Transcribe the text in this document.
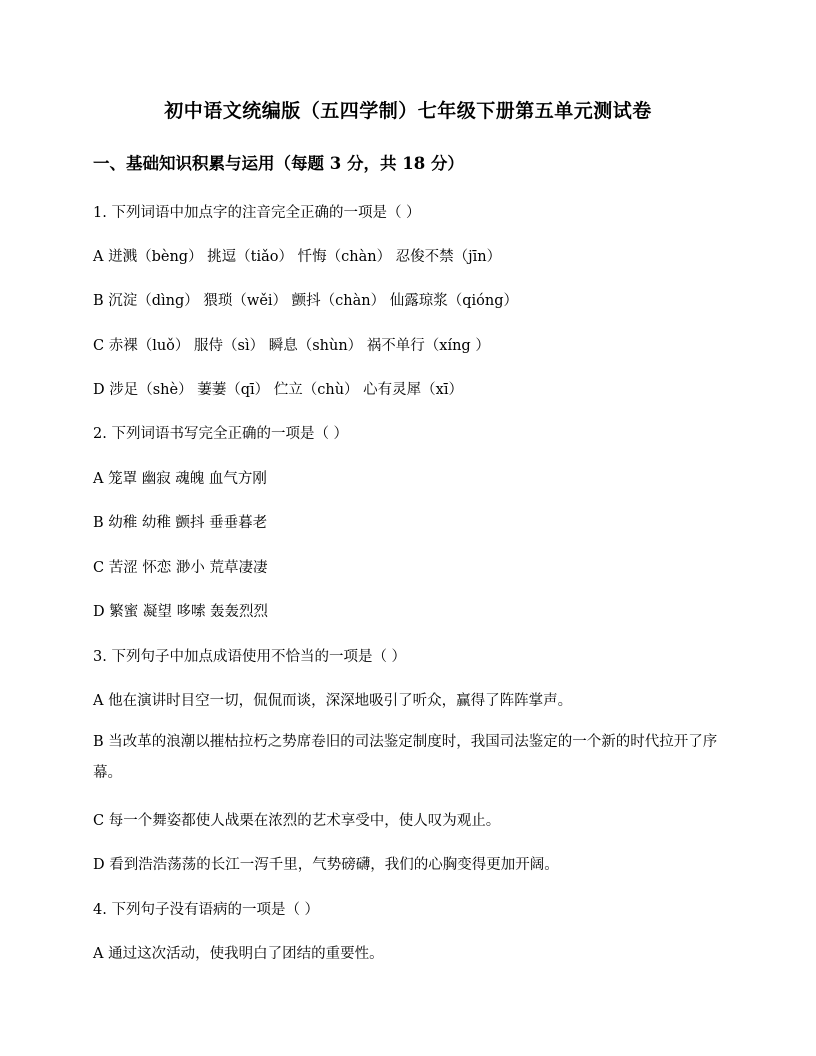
初中语文统编版（五四学制）七年级下册第五单元测试卷
一、基础知识积累与运用（每题 3 分，共 18 分）
1. 下列词语中加点字的注音完全正确的一项是（ ）
A 迸溅（bèng） 挑逗（tiǎo） 忏悔（chàn） 忍俊不禁（jīn）
B 沉淀（dìng） 猥琐（wěi） 颤抖（chàn） 仙露琼浆（qióng）
C 赤裸（luǒ） 服侍（sì） 瞬息（shùn） 祸不单行（xíng ）
D 涉足（shè） 萋萋（qī） 伫立（chù） 心有灵犀（xī）
2. 下列词语书写完全正确的一项是（ ）
A 笼罩 幽寂 魂魄 血气方刚
B 幼稚 幼稚 颤抖 垂垂暮老
C 苦涩 怀恋 渺小 荒草凄凄
D 繁蜜 凝望 哆嗦 轰轰烈烈
3. 下列句子中加点成语使用不恰当的一项是（ ）
A 他在演讲时目空一切，侃侃而谈，深深地吸引了听众，赢得了阵阵掌声。
B 当改革的浪潮以摧枯拉朽之势席卷旧的司法鉴定制度时，我国司法鉴定的一个新的时代拉开了序幕。
C 每一个舞姿都使人战栗在浓烈的艺术享受中，使人叹为观止。
D 看到浩浩荡荡的长江一泻千里，气势磅礴，我们的心胸变得更加开阔。
4. 下列句子没有语病的一项是（ ）
A 通过这次活动，使我明白了团结的重要性。
